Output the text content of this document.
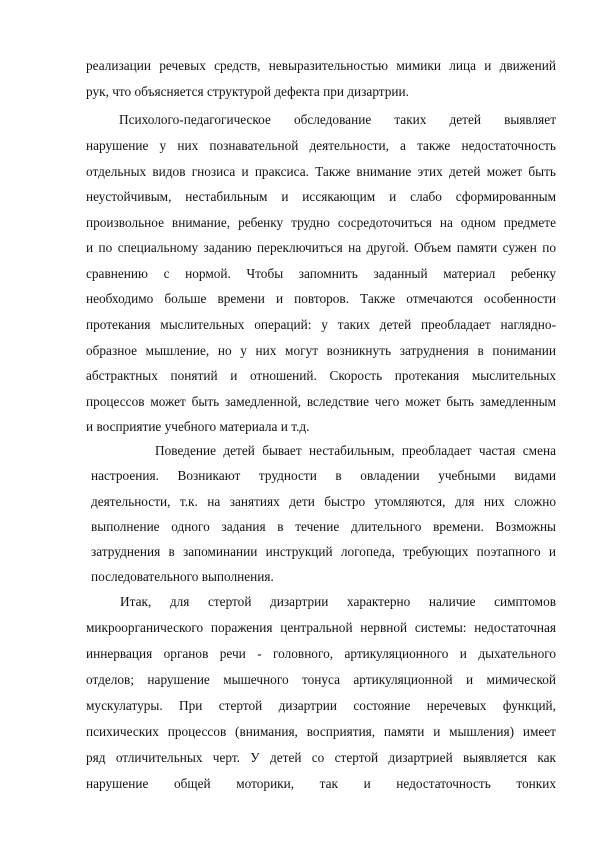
реализации речевых средств, невыразительностью мимики лица и движений
рук, что объясняется структурой дефекта при дизартрии.
Психолого-педагогическое обследование таких детей выявляет
нарушение у них познавательной деятельности, а также недостаточность
отдельных видов гнозиса и праксиса. Также внимание этих детей может быть
неустойчивым, нестабильным и иссякающим и слабо сформированным
произвольное внимание, ребенку трудно сосредоточиться на одном предмете
и по специальному заданию переключиться на другой. Объем памяти сужен по
сравнению с нормой. Чтобы запомнить заданный материал ребенку
необходимо больше времени и повторов. Также отмечаются особенности
протекания мыслительных операций: у таких детей преобладает наглядно-
образное мышление, но у них могут возникнуть затруднения в понимании
абстрактных понятий и отношений. Скорость протекания мыслительных
процессов может быть замедленной, вследствие чего может быть замедленным
и восприятие учебного материала и т.д.
Поведение детей бывает нестабильным, преобладает частая смена
настроения. Возникают трудности в овладении учебными видами
деятельности, т.к. на занятиях дети быстро утомляются, для них сложно
выполнение одного задания в течение длительного времени. Возможны
затруднения в запоминании инструкций логопеда, требующих поэтапного и
последовательного выполнения.
Итак, для стертой дизартрии характерно наличие симптомов
микроорганического поражения центральной нервной системы: недостаточная
иннервация органов речи - головного, артикуляционного и дыхательного
отделов; нарушение мышечного тонуса артикуляционной и мимической
мускулатуры. При стертой дизартрии состояние неречевых функций,
психических процессов (внимания, восприятия, памяти и мышления) имеет
ряд отличительных черт. У детей со стертой дизартрией выявляется как
нарушение общей моторики, так и недостаточность тонких
